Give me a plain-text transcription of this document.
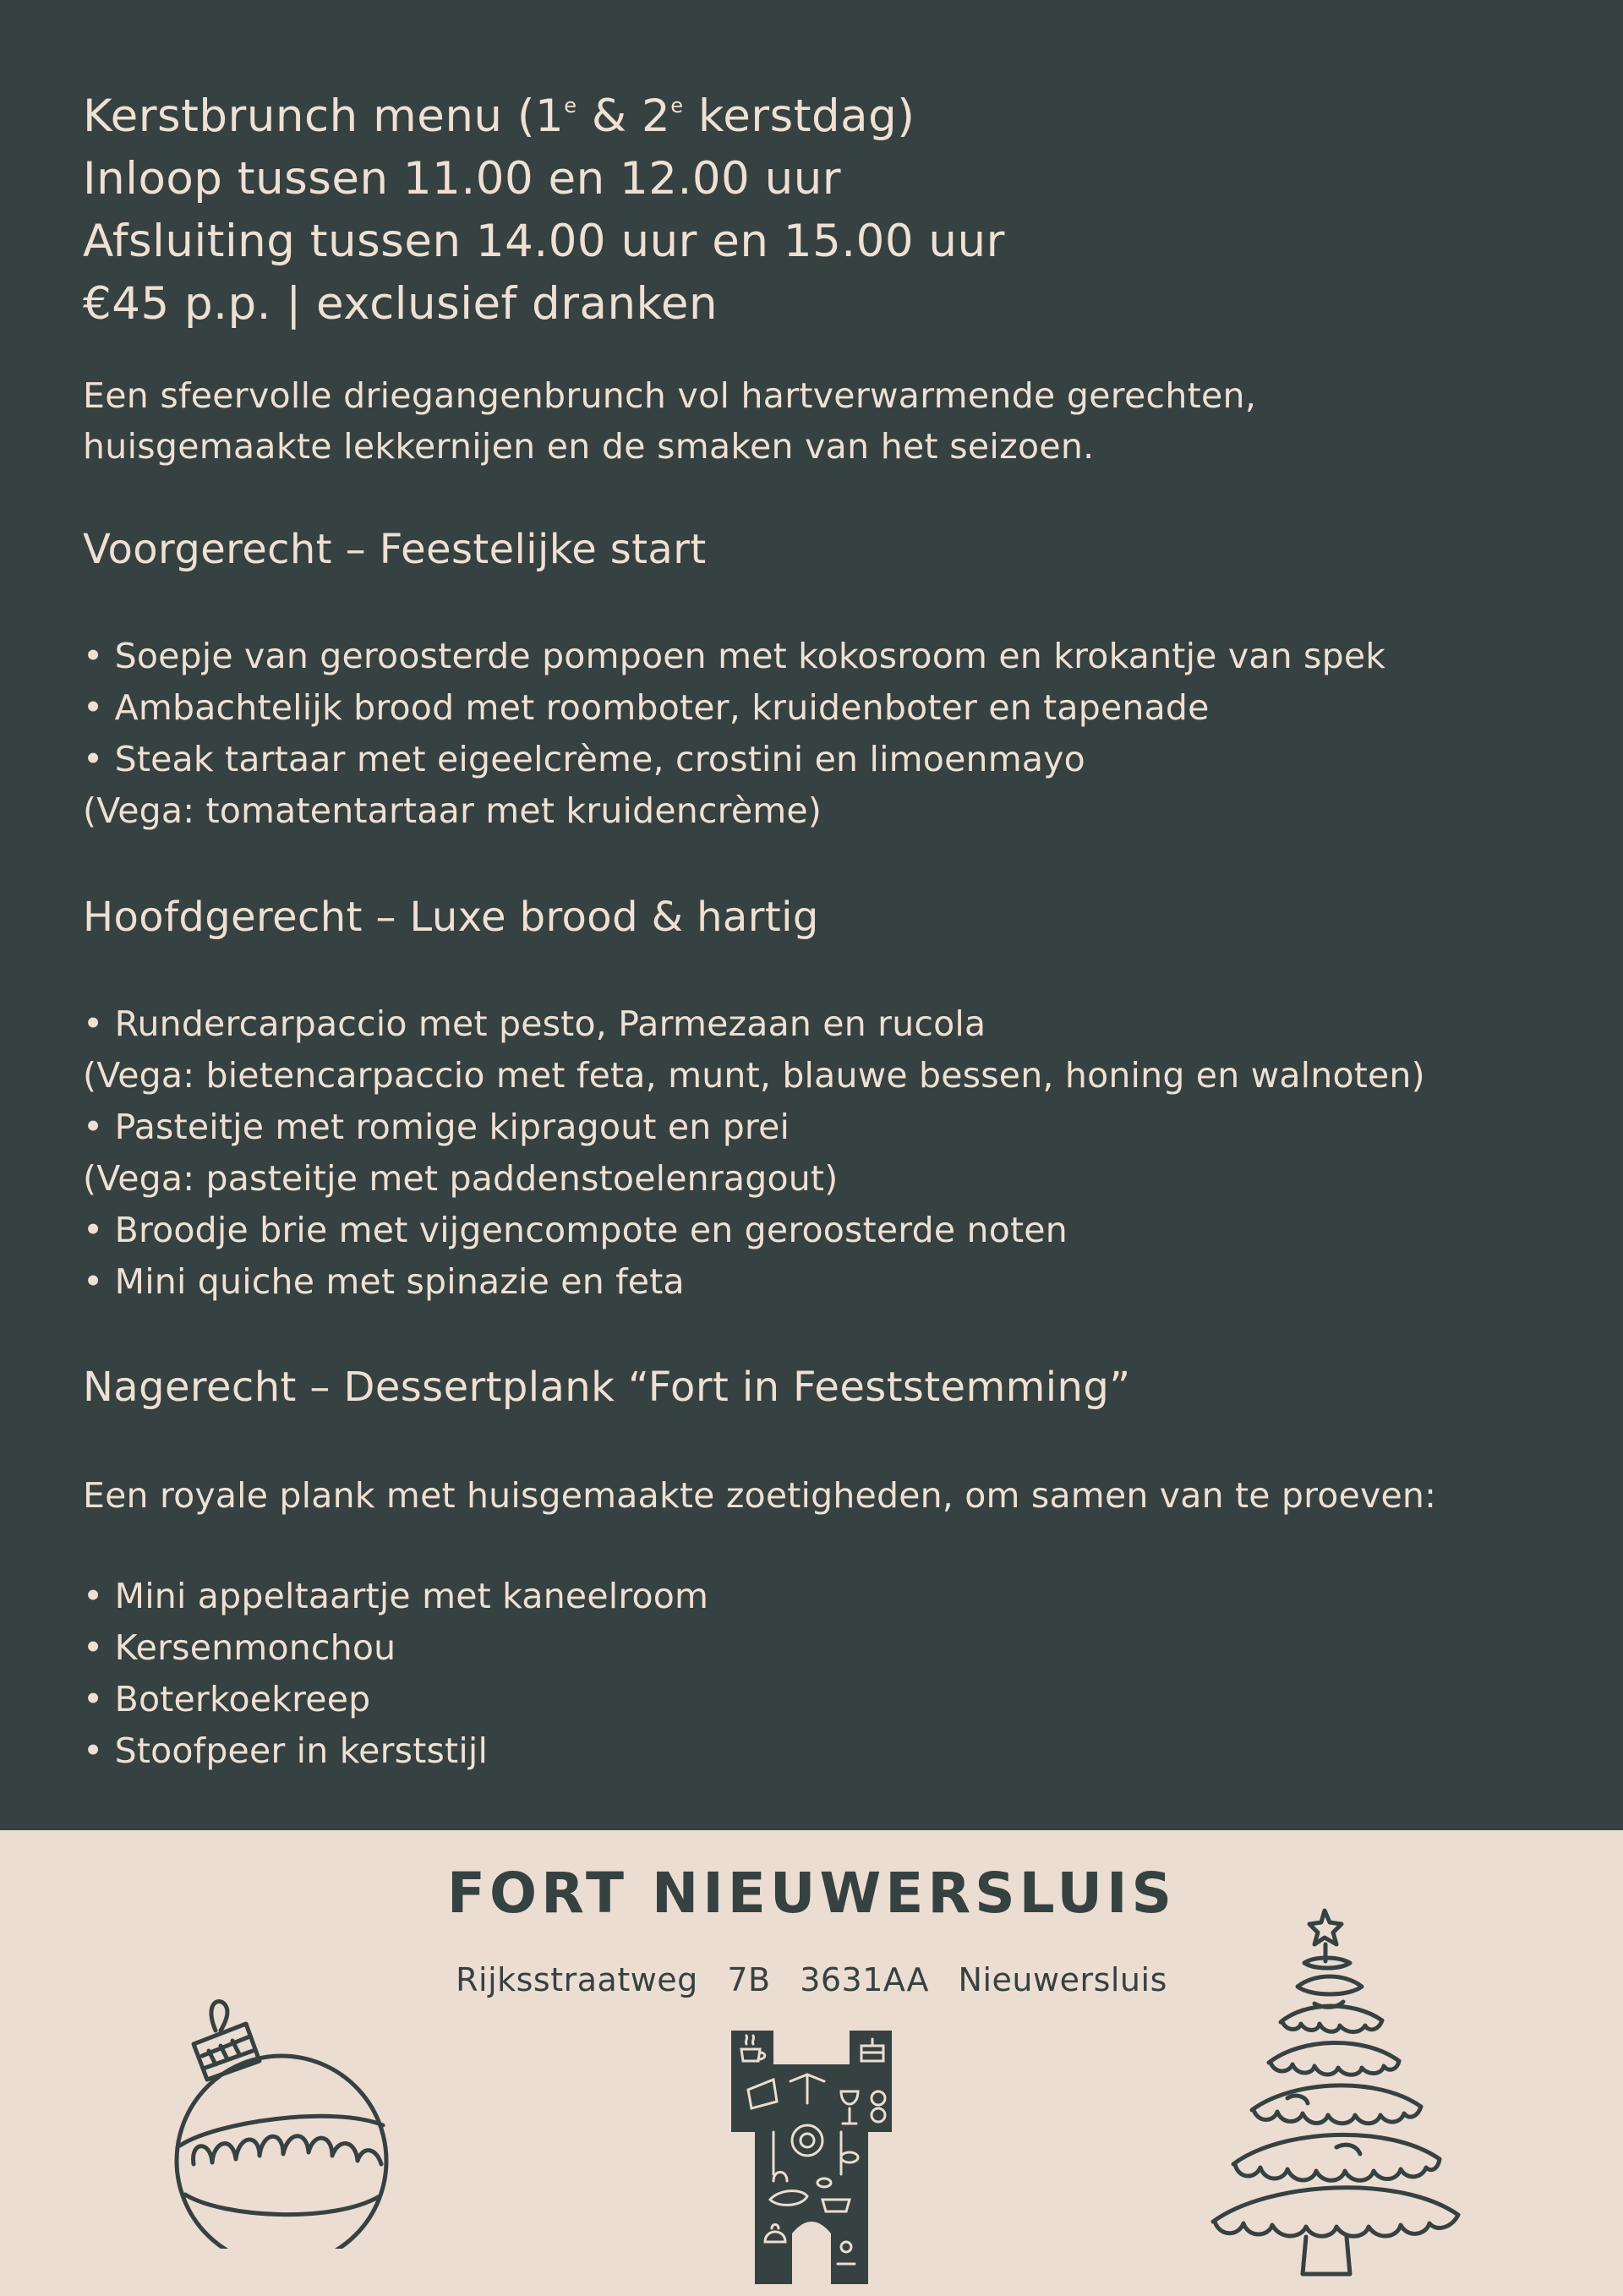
Kerstbrunch menu (1e & 2e kerstdag)
Inloop tussen 11.00 en 12.00 uur
Afsluiting tussen 14.00 uur en 15.00 uur
€45 p.p. | exclusief dranken
Een sfeervolle driegangenbrunch vol hartverwarmende gerechten,
huisgemaakte lekkernijen en de smaken van het seizoen.
Voorgerecht – Feestelijke start
• Soepje van geroosterde pompoen met kokosroom en krokantje van spek
• Ambachtelijk brood met roomboter, kruidenboter en tapenade
• Steak tartaar met eigeelcrème, crostini en limoenmayo
(Vega: tomatentartaar met kruidencrème)
Hoofdgerecht – Luxe brood & hartig
• Rundercarpaccio met pesto, Parmezaan en rucola
(Vega: bietencarpaccio met feta, munt, blauwe bessen, honing en walnoten)
• Pasteitje met romige kipragout en prei
(Vega: pasteitje met paddenstoelenragout)
• Broodje brie met vijgencompote en geroosterde noten
• Mini quiche met spinazie en feta
Nagerecht – Dessertplank “Fort in Feeststemming”
Een royale plank met huisgemaakte zoetigheden, om samen van te proeven:
• Mini appeltaartje met kaneelroom
• Kersenmonchou
• Boterkoekreep
• Stoofpeer in kerststijl
FORT NIEUWERSLUIS
Rijksstraatweg 7B 3631AA Nieuwersluis
